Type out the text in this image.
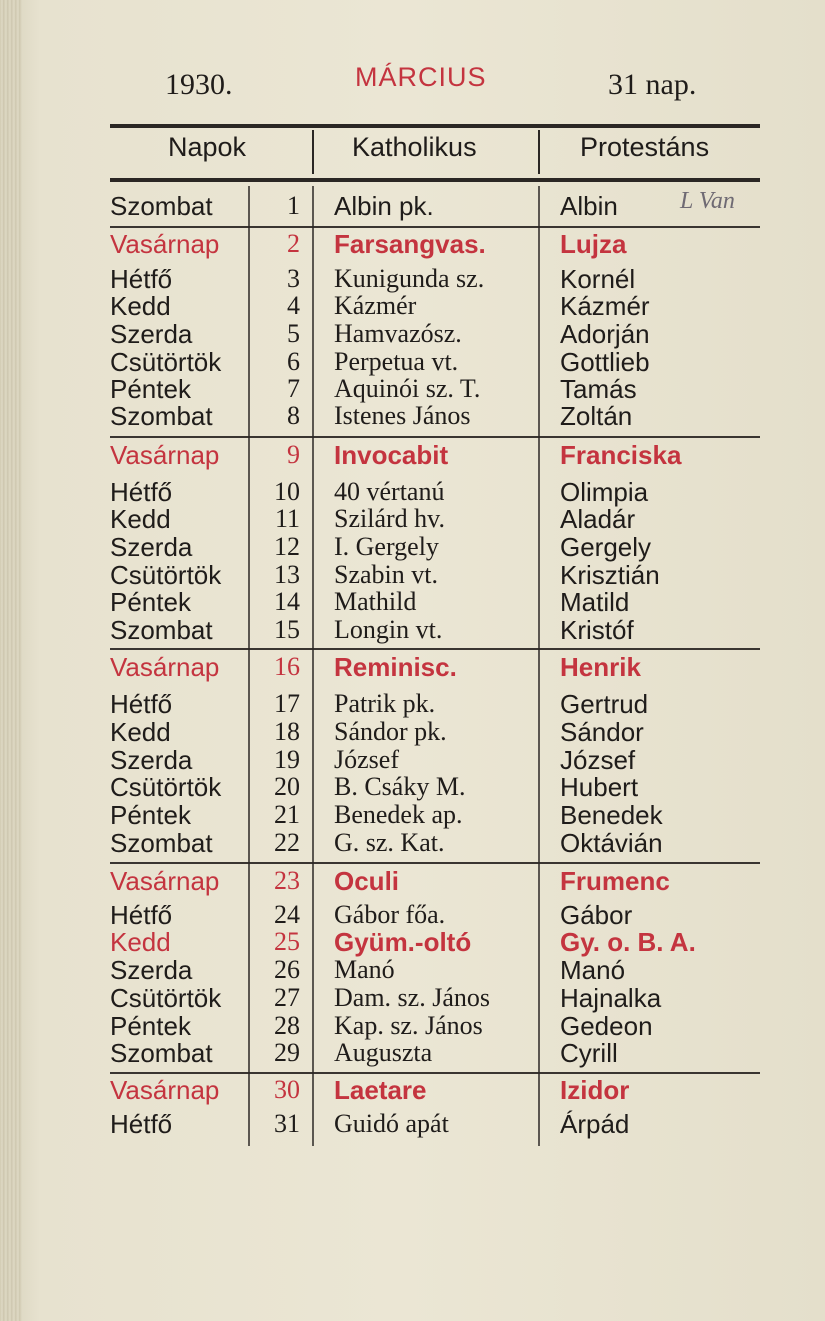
1930.	MÁRCIUS	31 nap.
Napok	Katholikus	Protestáns
Szombat	1 Albin pk.	Albin
Vasárnap	2 Farsangvas.	Lujza
Hétfő	3 Kunigunda sz.	Kornél
Kedd	4 Kázmér	Kázmér
Szerda	5 Hamvazósz.	Adorján
Csütörtök	6 Perpetua vt.	Gottlieb
Péntek	7 Aquinói sz. T.	Tamás
Szombat	8 Istenes János	Zoltán
Vasárnap	9 Invocabit	Franciska
Hétfő	10 40 vértanú	Olimpia
Kedd	11 Szilárd hv.	Aladár
Szerda	12 I. Gergely	Gergely
Csütörtök	13 Szabin vt.	Krisztián
Péntek	14 Mathild	Matild
Szombat	15 Longin vt.	Kristóf
Vasárnap	16 Reminisc.	Henrik
Hétfő	17 Patrik pk.	Gertrud
Kedd	18 Sándor pk.	Sándor
Szerda	19 József	József
Csütörtök	20 B. Csáky M.	Hubert
Péntek	21 Benedek ap.	Benedek
Szombat	22 G. sz. Kat.	Oktávián
Vasárnap	23 Oculi	Frumenc
Hétfő	24 Gábor főa.	Gábor
Kedd	25 Gyüm.-oltó	Gy. o. B. A.
Szerda	26 Manó	Manó
Csütörtök	27 Dam. sz. János	Hajnalka
Péntek	28 Kap. sz. János	Gedeon
Szombat	29 Auguszta	Cyrill
Vasárnap	30 Laetare	Izidor
Hétfő	31 Guidó apát	Árpád
L Van
